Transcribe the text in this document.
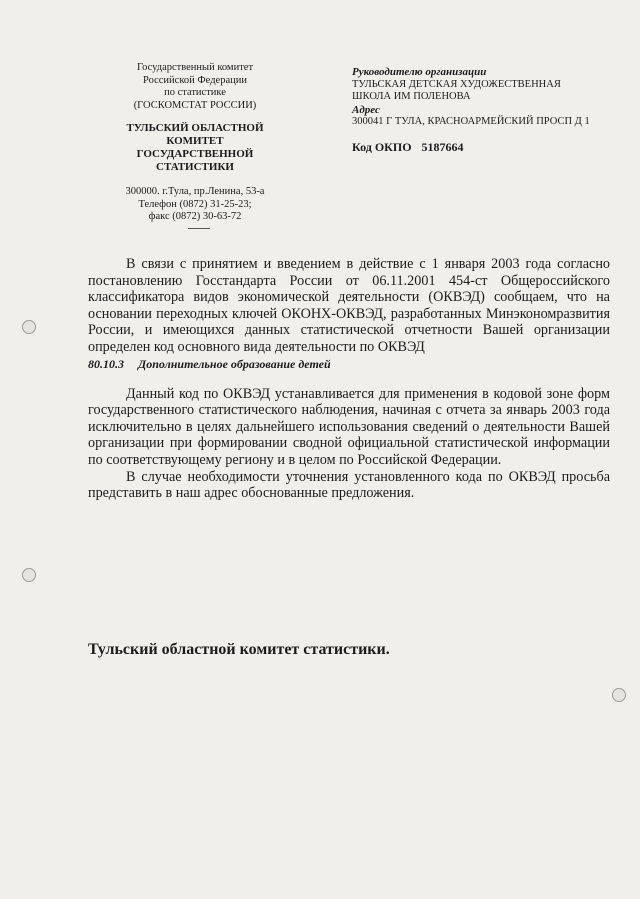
Государственный комитет
Российской Федерации
по статистике
(ГОСКОМСТАТ РОССИИ)
ТУЛЬСКИЙ ОБЛАСТНОЙ КОМИТЕТ
ГОСУДАРСТВЕННОЙ СТАТИСТИКИ
300000. г.Тула, пр.Ленина, 53-а
Телефон (0872) 31-25-23;
факс (0872) 30-63-72
Руководителю организации
ТУЛЬСКАЯ ДЕТСКАЯ ХУДОЖЕСТВЕННАЯ
ШКОЛА ИМ ПОЛЕНОВА
Адрес
300041 Г ТУЛА, КРАСНОАРМЕЙСКИЙ ПРОСП Д 1
Код ОКПО 5187664

В связи с принятием и введением в действие с 1 января 2003 года согласно постановлению Госстандарта России от 06.11.2001 454-ст Общероссийского классификатора видов экономической деятельности (ОКВЭД) сообщаем, что на основании переходных ключей ОКОНХ-ОКВЭД, разработанных Минэкономразвития России, и имеющихся данных статистической отчетности Вашей организации определен код основного вида деятельности по ОКВЭД

80.10.3 Дополнительное образование детей

Данный код по ОКВЭД устанавливается для применения в кодовой зоне форм государственного статистического наблюдения, начиная с отчета за январь 2003 года исключительно в целях дальнейшего использования сведений о деятельности Вашей организации при формировании сводной официальной статистической информации по соответствующему региону и в целом по Российской Федерации.

В случае необходимости уточнения установленного кода по ОКВЭД просьба представить в наш адрес обоснованные предложения.

Тульский областной комитет статистики.
